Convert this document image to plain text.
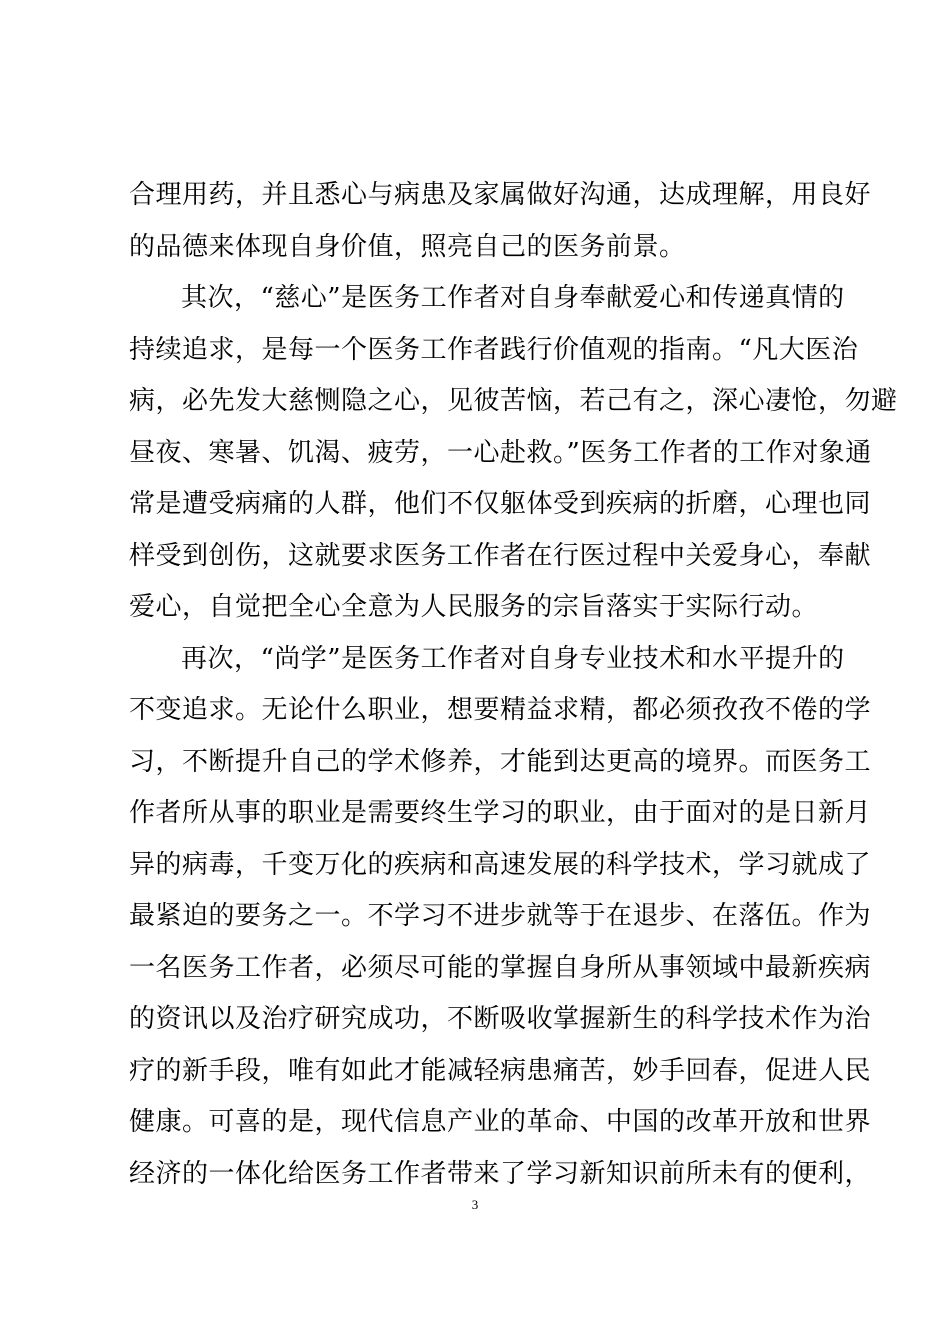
合理用药，并且悉心与病患及家属做好沟通，达成理解，用良好
的品德来体现自身价值，照亮自己的医务前景。
其次，“慈心”是医务工作者对自身奉献爱心和传递真情的
持续追求，是每一个医务工作者践行价值观的指南。“凡大医治
病，必先发大慈恻隐之心，见彼苦恼，若己有之，深心凄怆，勿避
昼夜、寒暑、饥渴、疲劳，一心赴救。”医务工作者的工作对象通
常是遭受病痛的人群，他们不仅躯体受到疾病的折磨，心理也同
样受到创伤，这就要求医务工作者在行医过程中关爱身心，奉献
爱心，自觉把全心全意为人民服务的宗旨落实于实际行动。
再次，“尚学”是医务工作者对自身专业技术和水平提升的
不变追求。无论什么职业，想要精益求精，都必须孜孜不倦的学
习，不断提升自己的学术修养，才能到达更高的境界。而医务工
作者所从事的职业是需要终生学习的职业，由于面对的是日新月
异的病毒，千变万化的疾病和高速发展的科学技术，学习就成了
最紧迫的要务之一。不学习不进步就等于在退步、在落伍。作为
一名医务工作者，必须尽可能的掌握自身所从事领域中最新疾病
的资讯以及治疗研究成功，不断吸收掌握新生的科学技术作为治
疗的新手段，唯有如此才能减轻病患痛苦，妙手回春，促进人民
健康。可喜的是，现代信息产业的革命、中国的改革开放和世界
经济的一体化给医务工作者带来了学习新知识前所未有的便利，
3
